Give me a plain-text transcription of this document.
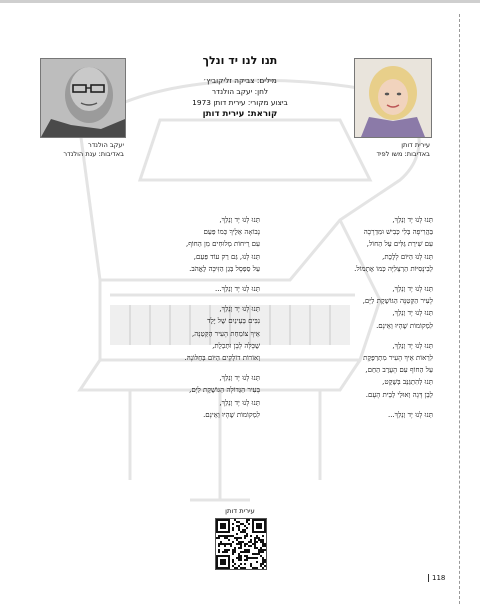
יעקב הולנדר
באדיבות: ענת הולנדר
עירית דותן
באדיבות: משו לפיד
תנו לנו יד ונלך
מילים: צביקה זליקוביץ׳
לחן: יעקב הולנדר
ביצוע מקורי: עירית דותן 1973
קוראת: עירית דותן
תְּנוּ לָנוּ יָד וְנֵלֵךְ,
בַּהֲרִיפָה בְּלִי כְּבִישׁ וּמִדְרָכָה
עִם שִׁירַת גַּלִּים עַל הַחוֹל,
תְּנוּ לָנוּ הַיּוֹם לָלֶכֶת,
לְבִינָּסִיּוֹת הַרְצֵלִיָּה כְּמוֹ אֶתְמוֹל.
תְּנוּ לָנוּ יָד וְנֵלֵךְ,
לָעִיר הַקְּטַנָּה הַגּוֹשֶׁקֶת לַיָּם,
תְּנוּ לָנוּ יָד וְנֵלֵךְ,
לִמְקוֹמוֹת שֶׁהָיוּ וְאֵינָם.
תְּנוּ לָנוּ יָד וְנֵלֵךְ,
לִרְאוֹת אֵיךְ הָעִיר מִתְרַפֶּקֶת
עַל הַחוֹף עִם הָעֶרֶב הַחַם,
תְּנוּ לְהִתְגַּנֵּב בְּשֶׁקֶט,
לְבֵן דָּגָה וְאוּלַי לְבֵית הָעָם.
תְּנוּ לָנוּ יָד וְנֵלֵךְ...
תְּנוּ לָנוּ יָד וְנֵלֵךְ,
נָבוֹאָה אֵלֶיךָ כְּמוֹ פַּעַם
עִם רֵיחוֹת מְלוּחִים מִן הַחוֹף,
תְּנוּ לָנוּ, גַּם רַק עוֹד פַּעַם,
עַל סַפְסָל בְּגַן הַזִּיכָּה לֶאֱהֹב.
תְּנוּ לָנוּ יָד וְנֵלֵךְ...
תְּנוּ לָנוּ יָד וְנֵלֵךְ,
נִבִּים בְּעֵינַיִם שֶׁל יֶלֶד
אֵיךְ צוֹמַחַת הָעִיר הַקְּטַנָּה,
שֶׁכָּלָּה לָבָן וּתְכֵלֶת,
וְאוֹרוֹת דוֹלְקִים הַיּוֹם בְּחַלּוֹנָהּ.
תְּנוּ לָנוּ יָד וְנֵלֵךְ,
בָּעִיר הַגְּדוֹלָה הַגּוֹשֶׁקֶת לַיָּם,
תְּנוּ לָנוּ יָד וְנֵלֵךְ,
לִמְקוֹמוֹת שֶׁהָיוּ וְאֵינָם.
עירית דותן
118
